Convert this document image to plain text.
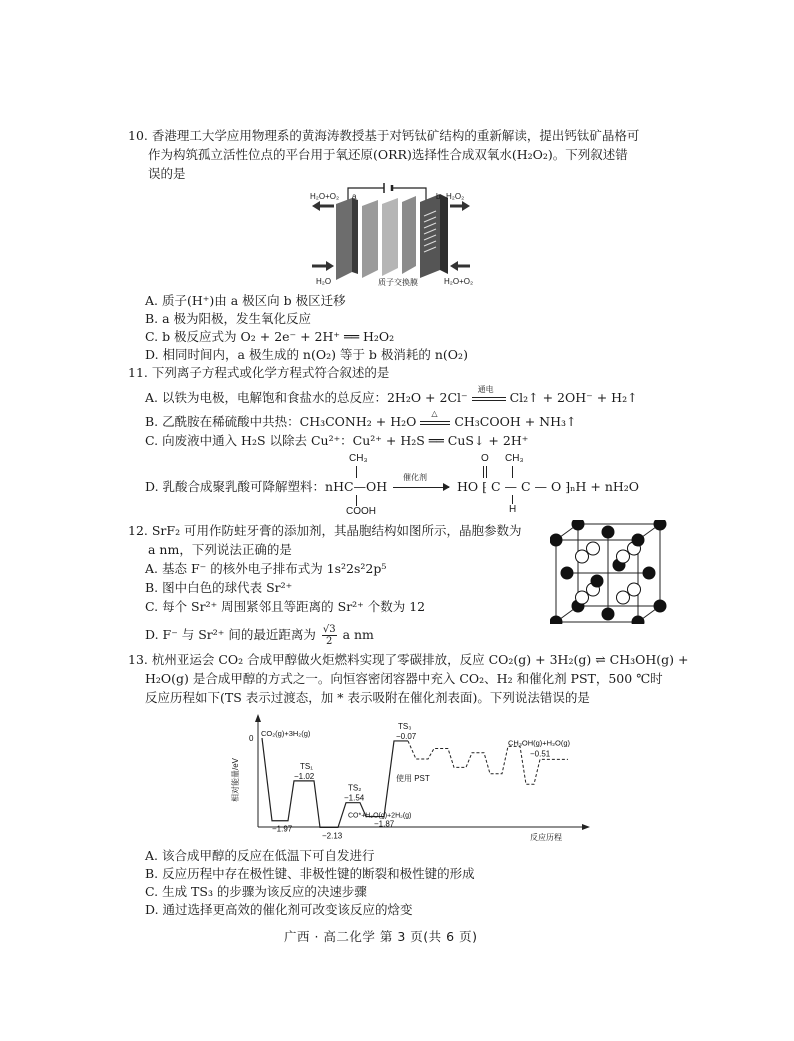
10. 香港理工大学应用物理系的黄海涛教授基于对钙钛矿结构的重新解读，提出钙钛矿晶格可
作为构筑孤立活性位点的平台用于氧还原(ORR)选择性合成双氧水(H₂O₂)。下列叙述错
误的是
H₂O+O₂ a	b H₂O₂
H₂O	质子交换膜	H₂O+O₂
A. 质子(H⁺)由 a 极区向 b 极区迁移
B. a 极为阳极，发生氧化反应
C. b 极反应式为 O₂ + 2e⁻ + 2H⁺ ══ H₂O₂
D. 相同时间内，a 极生成的 n(O₂) 等于 b 极消耗的 n(O₂)
11. 下列离子方程式或化学方程式符合叙述的是
A. 以铁为电极，电解饱和食盐水的总反应：2H₂O + 2Cl⁻
通电
Cl₂↑ + 2OH⁻ + H₂↑
B. 乙酰胺在稀硫酸中共热：CH₃CONH₂ + H₂O
△
CH₃COOH + NH₃↑
C. 向废液中通入 H₂S 以除去 Cu²⁺：Cu²⁺ + H₂S ══ CuS↓ + 2H⁺
CH₃
D. 乳酸合成聚乳酸可降解塑料：nHC—OH
COOH
催化剂
O CH₃
HO ⁅ C — C — O ⁆ₙH + nH₂O
H
12. SrF₂ 可用作防蛀牙膏的添加剂，其晶胞结构如图所示，晶胞参数为
a nm，下列说法正确的是
A. 基态 F⁻ 的核外电子排布式为 1s²2s²2p⁵
B. 图中白色的球代表 Sr²⁺
C. 每个 Sr²⁺ 周围紧邻且等距离的 Sr²⁺ 个数为 12
D. F⁻ 与 Sr²⁺ 间的最近距离为 $\frac{√3}{2}$ a nm
13. 杭州亚运会 CO₂ 合成甲醇做火炬燃料实现了零碳排放，反应 CO₂(g) + 3H₂(g) ⇌ CH₃OH(g) +
H₂O(g) 是合成甲醇的方式之一。向恒容密闭容器中充入 CO₂、H₂ 和催化剂 PST，500 ℃时
反应历程如下(TS 表示过渡态，加 * 表示吸附在催化剂表面)。下列说法错误的是
相对能量/eV
0
反应历程
CO₂(g)+3H₂(g)
−1.97
TS₁
−1.02
−2.13
TS₂
−1.54
−1.87
CO*+H₂O(g)+2H₂(g)
TS₃
−0.07
使用 PST
CH₃OH(g)+H₂O(g)
−0.51
A. 该合成甲醇的反应在低温下可自发进行
B. 反应历程中存在极性键、非极性键的断裂和极性键的形成
C. 生成 TS₃ 的步骤为该反应的决速步骤
D. 通过选择更高效的催化剂可改变该反应的焓变
广西 · 高二化学 第 3 页(共 6 页)
